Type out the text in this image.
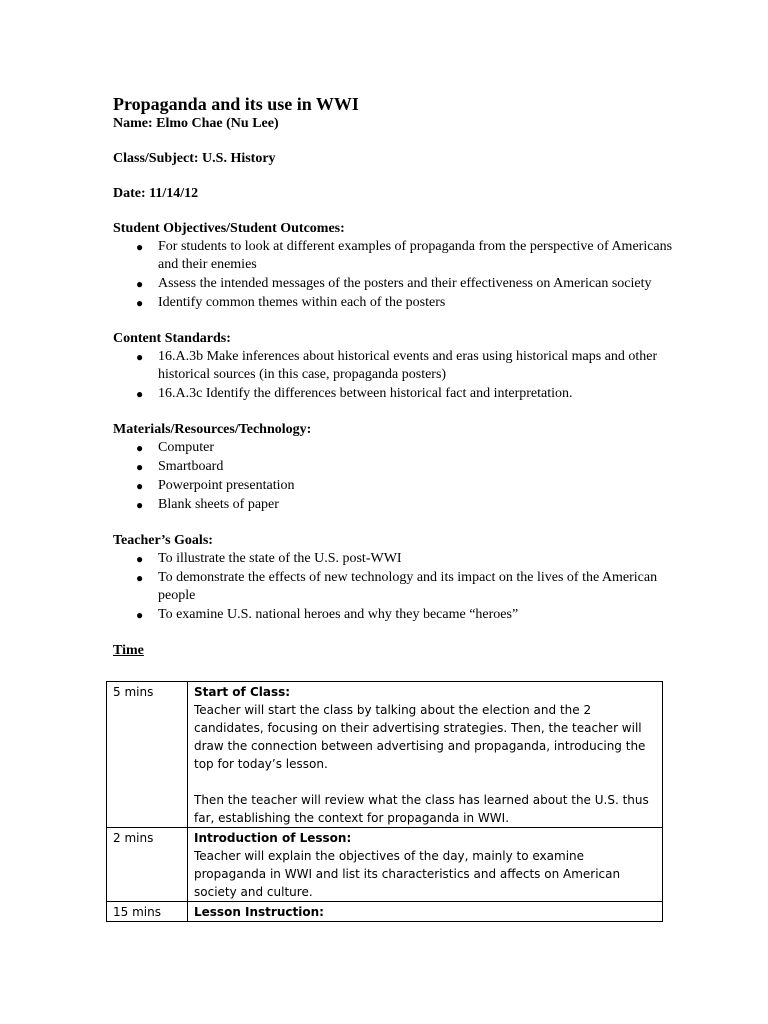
Propaganda and its use in WWI

Name: Elmo Chae (Nu Lee)

Class/Subject: U.S. History

Date: 11/14/12

Student Objectives/Student Outcomes:

● For students to look at different examples of propaganda from the perspective of Americans and their enemies
● Assess the intended messages of the posters and their effectiveness on American society
● Identify common themes within each of the posters

Content Standards:

● 16.A.3b Make inferences about historical events and eras using historical maps and other historical sources (in this case, propaganda posters)
● 16.A.3c Identify the differences between historical fact and interpretation.

Materials/Resources/Technology:

● Computer
● Smartboard
● Powerpoint presentation
● Blank sheets of paper

Teacher’s Goals:

● To illustrate the state of the U.S. post-WWI
● To demonstrate the effects of new technology and its impact on the lives of the American people
● To examine U.S. national heroes and why they became “heroes”
Time
5 mins	Start of Class:
Teacher will start the class by talking about the election and the 2 candidates, focusing on their advertising strategies. Then, the teacher will draw the connection between advertising and propaganda, introducing the top for today’s lesson.
Then the teacher will review what the class has learned about the U.S. thus far, establishing the context for propaganda in WWI.

2 mins	Introduction of Lesson:
Teacher will explain the objectives of the day, mainly to examine propaganda in WWI and list its characteristics and affects on American society and culture.

15 mins	Lesson Instruction:
